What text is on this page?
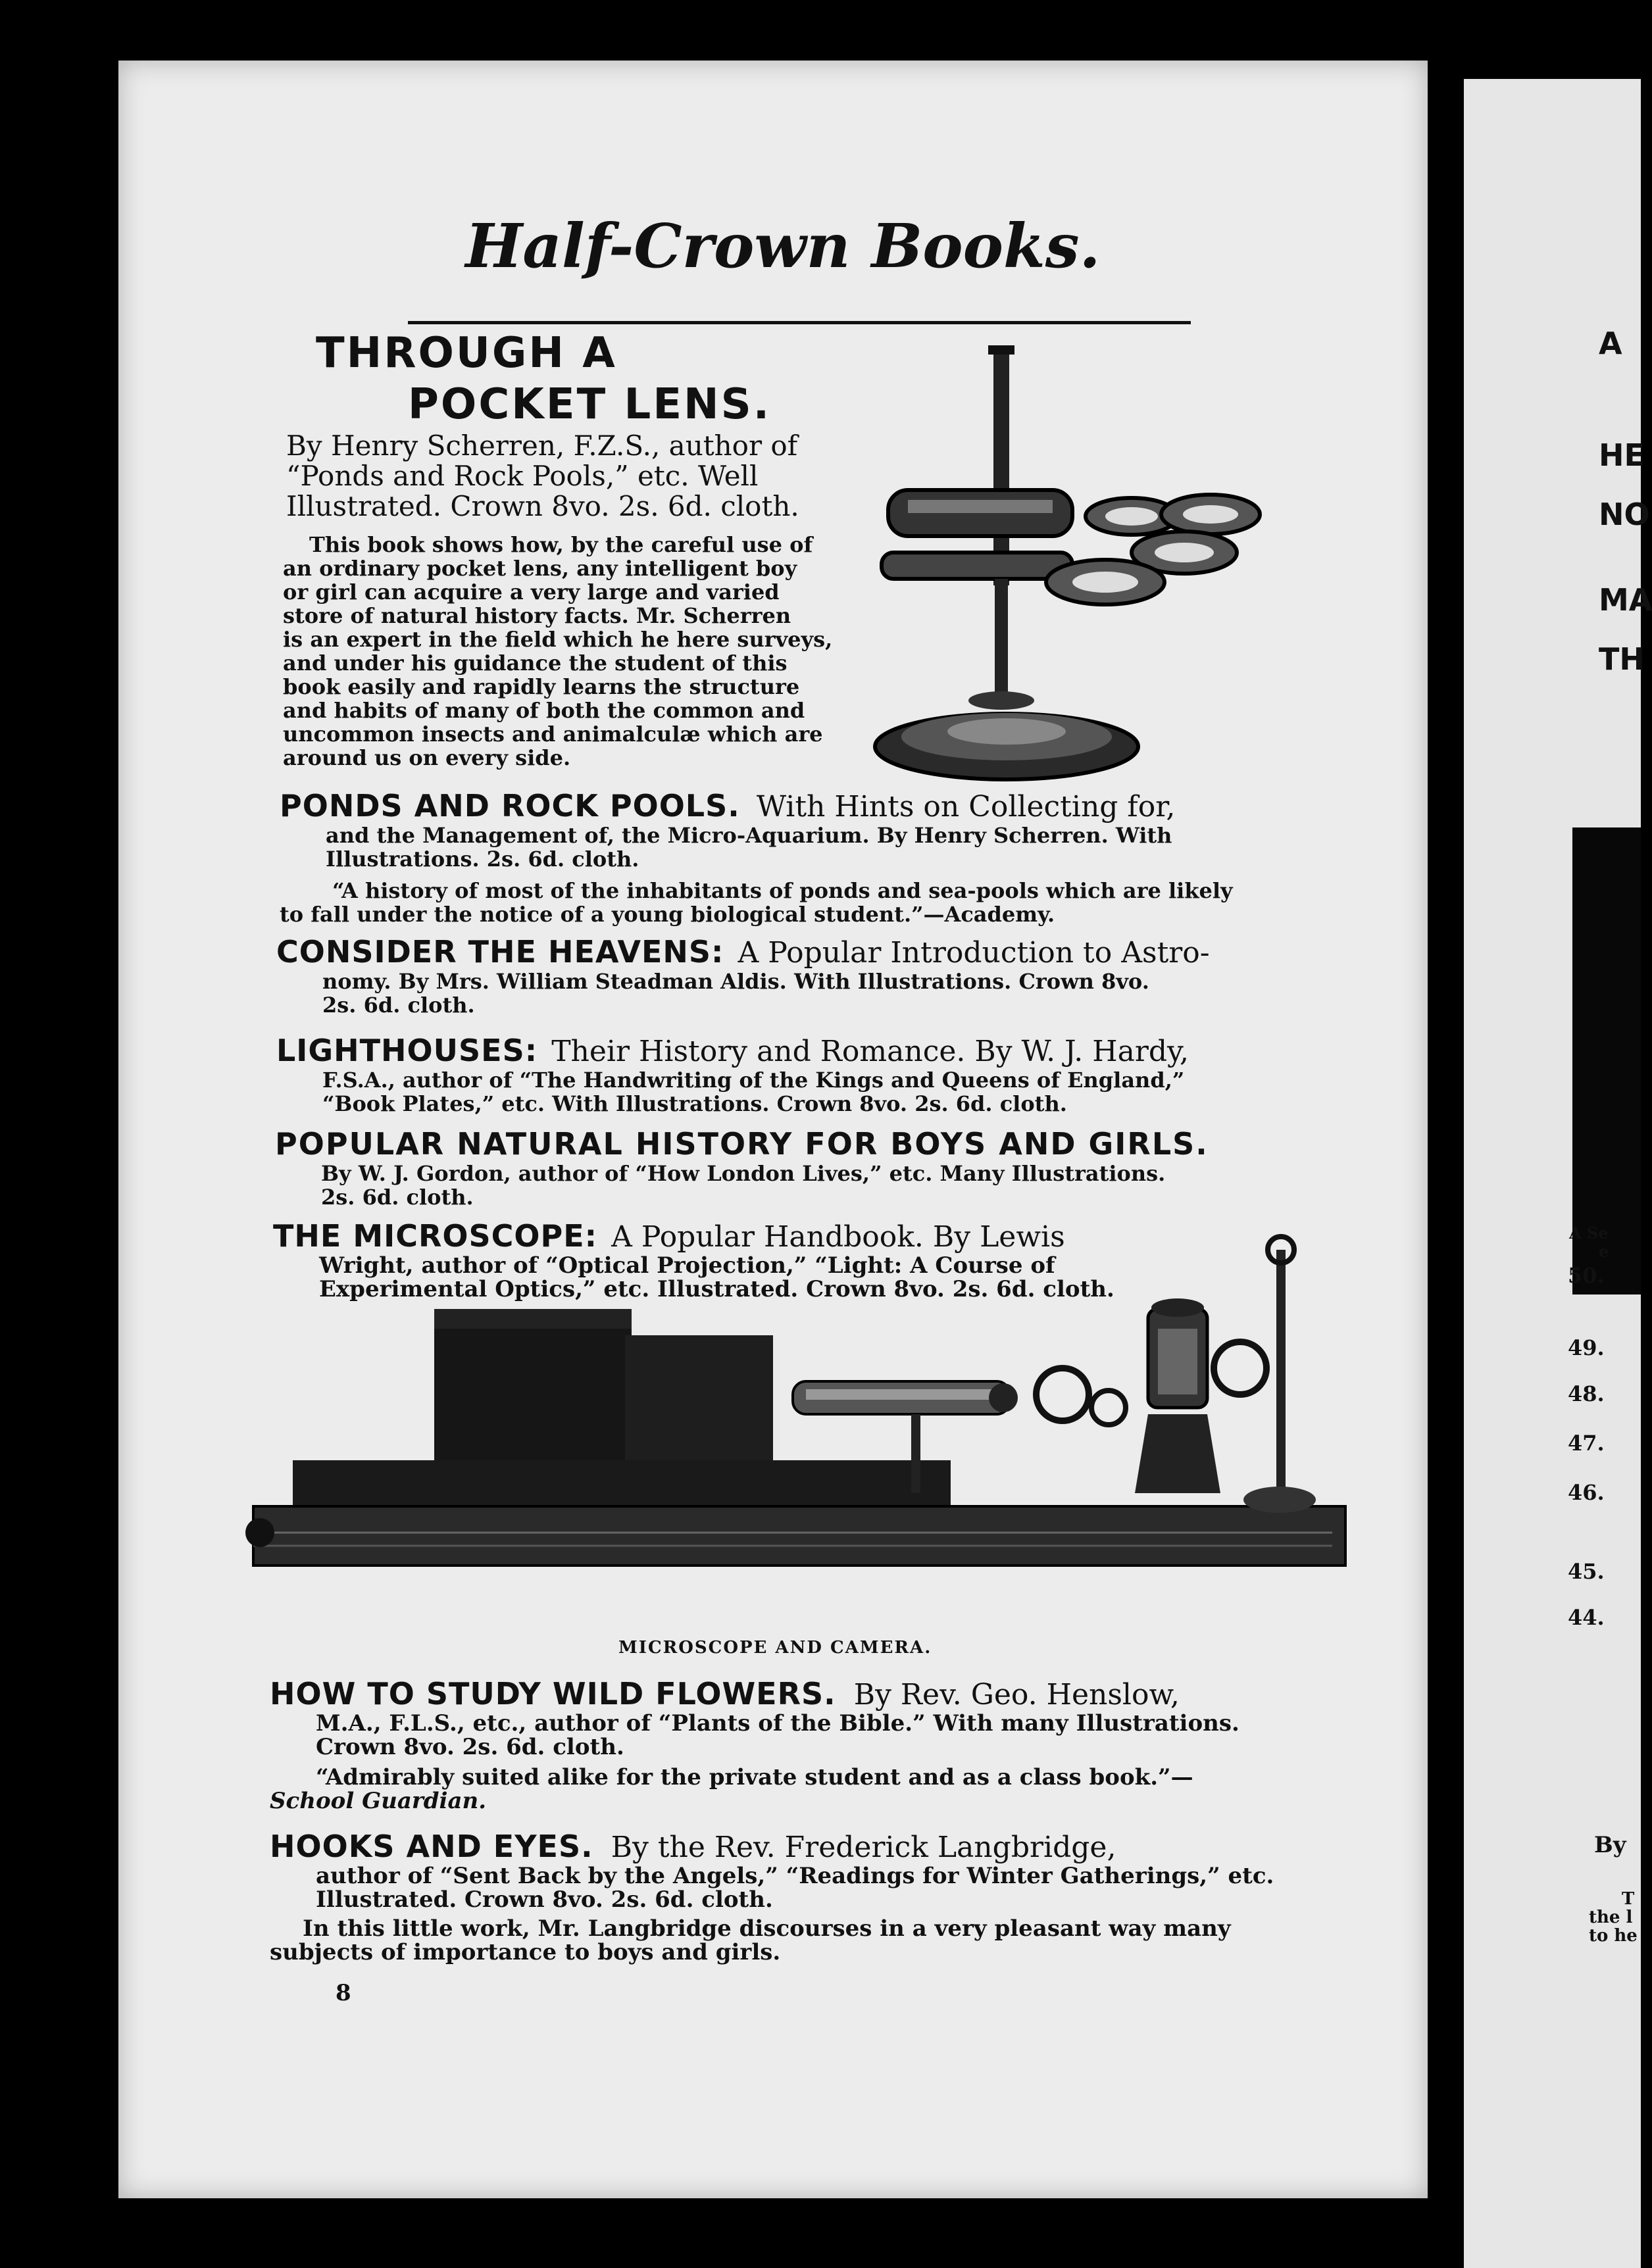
A
HE
NO
MA
TH
A Se
e
50.
49.
48.
47.
46.
45.
44.
By
T
the l
to he
Half-Crown Books.
THROUGH A
POCKET LENS.
By Henry Scherren, F.Z.S., author of
“Ponds and Rock Pools,” etc. Well
Illustrated. Crown 8vo. 2s. 6d. cloth.
This book shows how, by the careful use of
an ordinary pocket lens, any intelligent boy
or girl can acquire a very large and varied
store of natural history facts. Mr. Scherren
is an expert in the field which he here surveys,
and under his guidance the student of this
book easily and rapidly learns the structure
and habits of many of both the common and
uncommon insects and animalculæ which are
around us on every side.
PONDS AND ROCK POOLS. With Hints on Collecting for,
and the Management of, the Micro-Aquarium. By Henry Scherren. With
Illustrations. 2s. 6d. cloth.
“A history of most of the inhabitants of ponds and sea-pools which are likely
to fall under the notice of a young biological student.”—Academy.
CONSIDER THE HEAVENS: A Popular Introduction to Astro-
nomy. By Mrs. William Steadman Aldis. With Illustrations. Crown 8vo.
2s. 6d. cloth.
LIGHTHOUSES: Their History and Romance. By W. J. Hardy,
F.S.A., author of “The Handwriting of the Kings and Queens of England,”
“Book Plates,” etc. With Illustrations. Crown 8vo. 2s. 6d. cloth.
POPULAR NATURAL HISTORY FOR BOYS AND GIRLS.
By W. J. Gordon, author of “How London Lives,” etc. Many Illustrations.
2s. 6d. cloth.
THE MICROSCOPE: A Popular Handbook. By Lewis
Wright, author of “Optical Projection,” “Light: A Course of
Experimental Optics,” etc. Illustrated. Crown 8vo. 2s. 6d. cloth.
MICROSCOPE AND CAMERA.
HOW TO STUDY WILD FLOWERS. By Rev. Geo. Henslow,
M.A., F.L.S., etc., author of “Plants of the Bible.” With many Illustrations.
Crown 8vo. 2s. 6d. cloth.
“Admirably suited alike for the private student and as a class book.”—
School Guardian.
HOOKS AND EYES. By the Rev. Frederick Langbridge,
author of “Sent Back by the Angels,” “Readings for Winter Gatherings,” etc.
Illustrated. Crown 8vo. 2s. 6d. cloth.
In this little work, Mr. Langbridge discourses in a very pleasant way many
subjects of importance to boys and girls.
8
